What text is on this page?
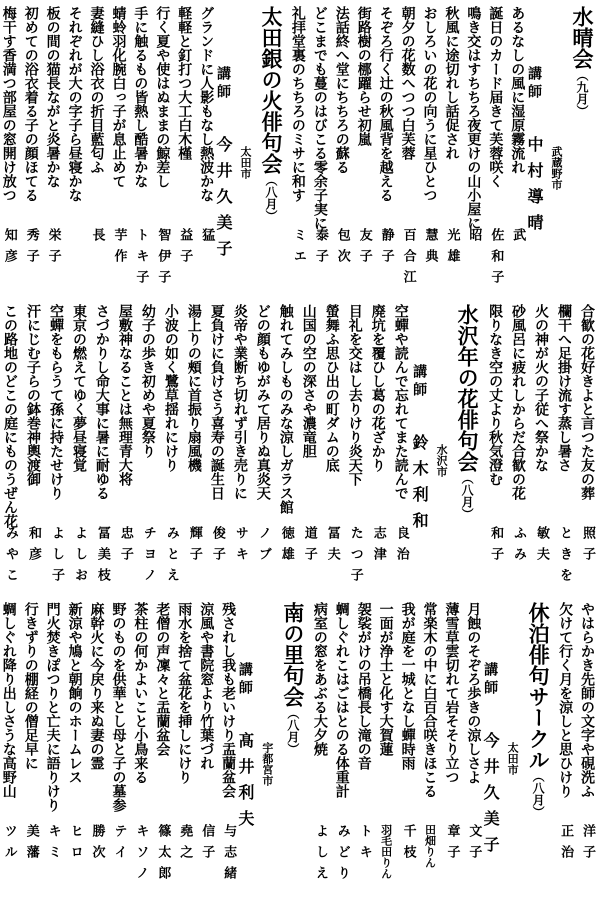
水晴会（九月）
講師
中村導晴 武蔵野市
あるなしの風に湿原霧流れ
武
誕日のカード届きて芙蓉咲く
佐和子
鳴き交はすちちろ夜更けの山小屋に
昭
秋風に途切れし話促され
光雄
おしろいの花の向うに星ひとつ
慧典
朝夕の花数へつつ白芙蓉
百合江
そぞろ行く辻の秋風背を越える
静子
街路樹の梛躍らせ初嵐
友子
法話終へ堂にちちろの蘇る
包次
どこまでも蔓のはびこる零余子実に
泰子
礼拝堂裏のちちろのミサに和す
ミエ
太田銀の火俳句会（八月）
講師
今井久美子 太田市
グランドに人影もなし熱波かな
猛
軽軽と釘打つ大工白木槿
益子
行く夏や使はぬままの鯨差し
智伊子
手に触るもの皆熱し酷暑かな
トキ子
蜻蛉羽化腕白っ子が息止めて
芋作
妻縫ひし浴衣の折目藍匂ふ
長
それぞれが大の字子ら昼寝かな
板の間の猫長ながと炎暑かな
栄子
初めての浴衣着る子の顔ほてる
秀子
梅干す香満つ部屋の窓開け放つ
知彦
合歓の花好きよと言つた友の葬
照子
欄干へ足掛け流す蒸し暑さ
ときを
火の神が火の子従へ祭かな
敏夫
砂風呂に疲れしからだ合歓の花
ふみ
限りなき空の丈より秋気澄む
和子
水沢年の花俳句会（八月）
講師
鈴木利和 水沢市
空蟬や読んで忘れてまた読んで
良治
廃坑を覆ひし葛の花ざかり
志津
目礼を交はし去りけり炎天下
たつ子
螢舞ふ思ひ出の町ダムの底
冨夫
山国の空の深さや濃竜胆
道子
触れてみしものみな涼しガラス館
徳雄
どの顔もゆがみて居りぬ真炎天
ノブ
炎帝や業断ち切れず引き売りに
サキ
夏負けに負けさう喜寿の誕生日
俊子
湯上りの頰に首振り扇風機
輝子
小波の如く鷺草揺れにけり
みとえ
幼子の歩き初めや夏祭り
チヨノ
屋敷神なることは無理青大将
忠子
さづかりし命大事に暑に耐ゆる
冨美枝
東京の燃えてゆく夢昼寝覚
よしお
空蟬をもらうて孫に持たせけり
よし子
汗にじむ子らの鉢巻神輿渡御
和彦
この路地のどこの庭にものうぜん花
みやこ
やはらかき先師の文字や硯洗ふ
洋子
欠けて行く月を涼しと思ひけり
正治
休泊俳句サークル（八月）
講師
今井久美子 太田市
月蝕のそぞろ歩きの涼しさよ
文子
薄雪草雲切れて岩そそり立つ
章子
常楽木の中に白百合咲きほこる
田畑りん
我が庭を一城となし蟬時雨
千枝
一面が浄土と化す大賀蓮
羽毛田りん
袈裟がけの吊橋長し滝の音
トキ
蜩しぐれこはごはとのる体重計
みどり
病室の窓をあぶる大夕焼
よしえ
南の里句会（八月）
講師
髙井利夫 宇都宮市
残されし我も老いけり盂蘭盆会
与志緒
涼風や書院窓より竹葉づれ
信子
雨水を捨て盆花を挿しにけり
堯之
老僧の声凜々と盂蘭盆会
篠太郎
茶柱の何かよいこと小鳥来る
キソノ
野のものを供華とし母と子の墓参
テイ
麻幹火に今戻り来ぬ妻の霊
勝次
新涼や鳩と朝餉のホームレス
ヒロ
門火焚きぽつりと亡夫に語りけり
キミ
行きずりの棚経の僧足早に
美藩
蜩しぐれ降り出しさうな高野山
ツル
